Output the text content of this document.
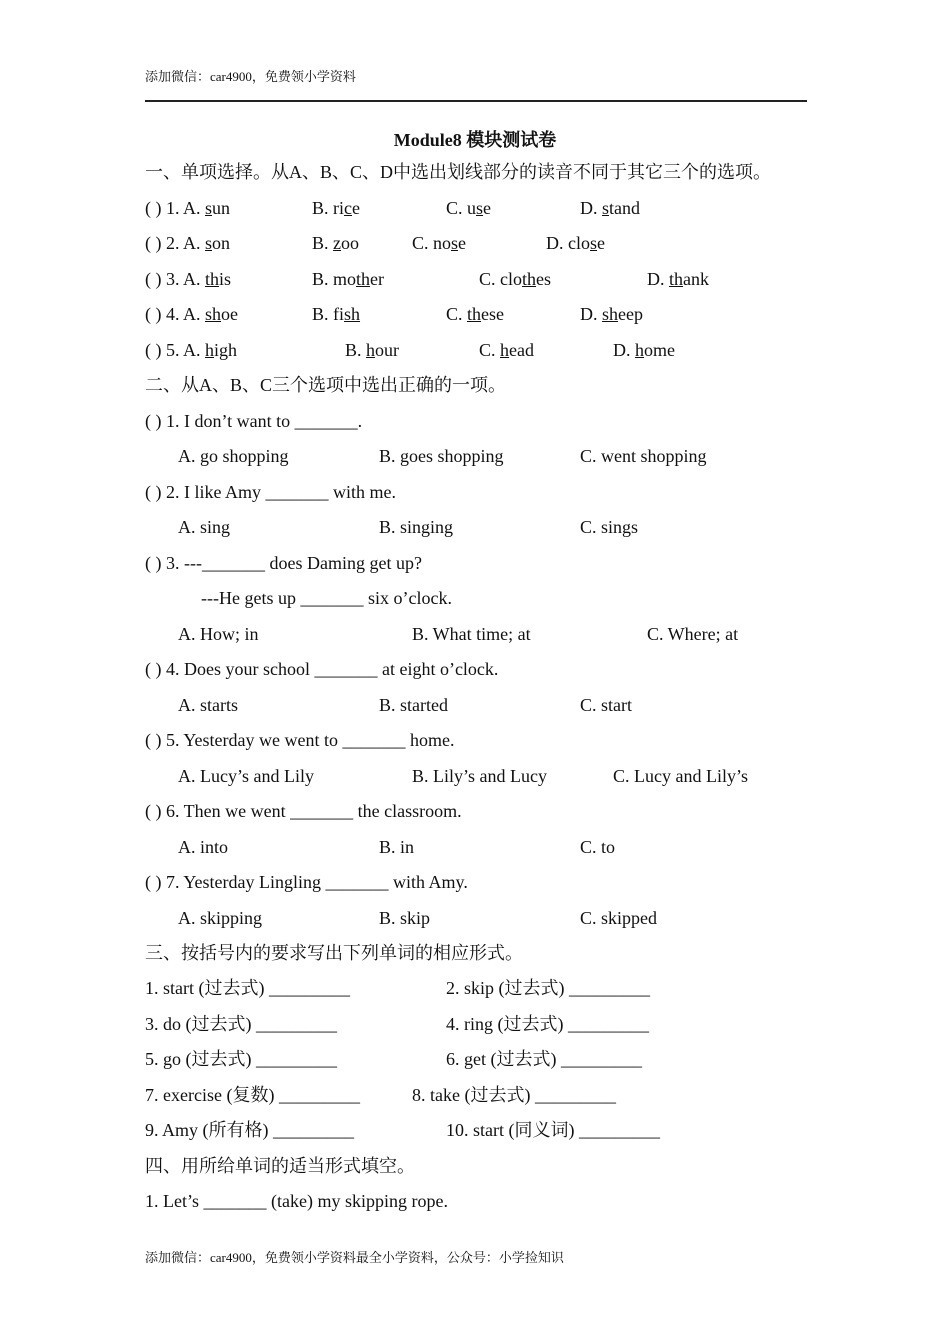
添加微信：car4900，免费领小学资料
Module8 模块测试卷
一、单项选择。从A、B、C、D中选出划线部分的读音不同于其它三个的选项。
( ) 1. A. sun	B. rice	C. use	D. stand
( ) 2. A. son	B. zoo	C. nose	D. close
( ) 3. A. this	B. mother	C. clothes	D. thank
( ) 4. A. shoe	B. fish	C. these	D. sheep
( ) 5. A. high	B. hour	C. head	D. home
二、从A、B、C三个选项中选出正确的一项。
( ) 1. I don’t want to _______.
A. go shopping	B. goes shopping	C. went shopping
( ) 2. I like Amy _______ with me.
A. sing	B. singing	C. sings
( ) 3. ---_______ does Daming get up?
---He gets up _______ six o’clock.
A. How; in	B. What time; at	C. Where; at
( ) 4. Does your school _______ at eight o’clock.
A. starts	B. started	C. start
( ) 5. Yesterday we went to _______ home.
A. Lucy’s and Lily	B. Lily’s and Lucy	C. Lucy and Lily’s
( ) 6. Then we went _______ the classroom.
A. into	B. in	C. to
( ) 7. Yesterday Lingling _______ with Amy.
A. skipping	B. skip	C. skipped
三、按括号内的要求写出下列单词的相应形式。
1. start (过去式) _________	2. skip (过去式) _________
3. do (过去式) _________	4. ring (过去式) _________
5. go (过去式) _________	6. get (过去式) _________
7. exercise (复数) _________	8. take (过去式) _________
9. Amy (所有格) _________	10. start (同义词) _________
四、用所给单词的适当形式填空。
1. Let’s _______ (take) my skipping rope.
添加微信：car4900，免费领小学资料最全小学资料，公众号：小学捡知识
